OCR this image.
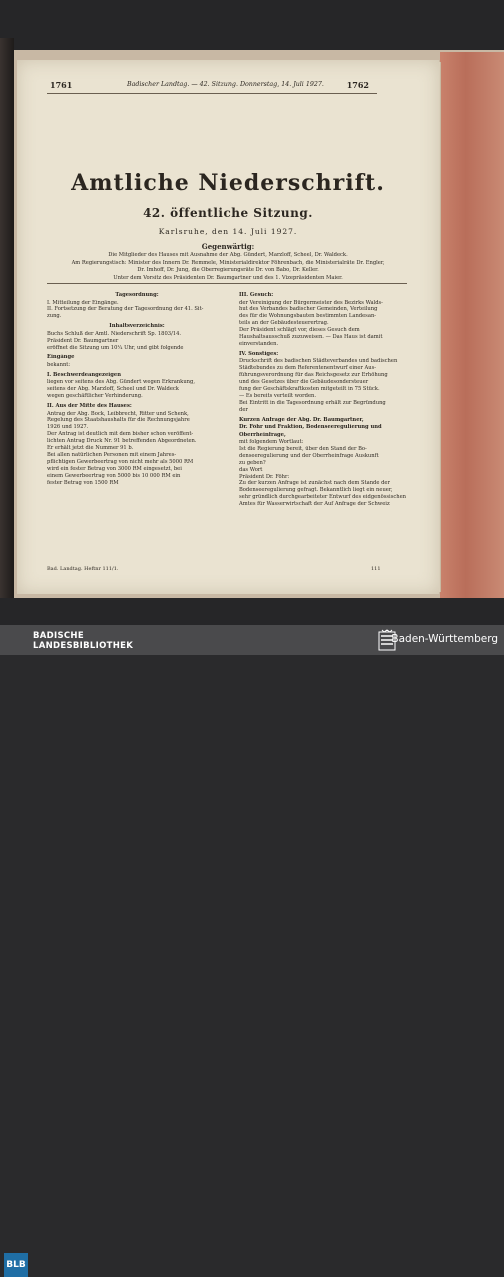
1761	Badischer Landtag. — 42. Sitzung. Donnerstag, 14. Juli 1927.	1762
Amtliche Niederschrift.
42. öffentliche Sitzung.
Karlsruhe, den 14. Juli 1927.
Gegenwärtig:
Bad. Landtag. Heftnr 111/1.	111
Die Mitglieder des Hauses mit Ausnahme der Abg. Gündert, Marzloff, Scheel, Dr. Waldeck.
Am Regierungstisch: Minister des Innern Dr. Remmele, Ministerialdirektor Föhrenbach, die Ministerialräte Dr. Engler,
Dr. Imhoff, Dr. Jung, die Oberregierungsräte Dr. von Babo, Dr. Keller.
Unter dem Vorsitz des Präsidenten Dr. Baumgartner und des 1. Vizepräsidenten Maier.
Tagesordnung:
I. Mitteilung der Eingänge.
II. Fortsetzung der Beratung der Tagesordnung der 41. Sit-
zung.
Inhaltsverzeichnis:
Buchs Schluß der Amtl. Niederschrift Sp. 1803/14.
Präsident Dr. Baumgartner
eröffnet die Sitzung um 10¼ Uhr, und gibt folgende
Eingänge
bekannt:
I. Beschwerdeangezeigen
liegen vor seitens des Abg. Gündert wegen Erkrankung,
seitens der Abg. Marzloff, Scheel und Dr. Waldeck
wegen geschäftlicher Verhinderung.
II. Aus der Mitte des Hauses:
Antrag der Abg. Bock, Leibbrecht, Ritter und Schenk,
Regelung des Staatshaushalts für die Rechnungsjahre
1926 und 1927.
Der Antrag ist deutlich mit dem bisher schon veröffent-
lichten Antrag Druck Nr. 91 betreffenden Abgeordneten.
Er erhält jetzt die Nummer 91 b.
Bei allen natürlichen Personen mit einem Jahres-
pflichtigen Gewerbeertrag von nicht mehr als 5000 RM
wird ein fester Betrag von 3000 RM eingesetzt, bei
einem Gewerbeertrag von 5000 bis 10 000 RM ein
fester Betrag von 1500 RM
III. Gesuch:
der Vereinigung der Bürgermeister des Bezirks Walds-
hut des Verbandes badischer Gemeinden, Verteilung
des für die Wohnungsbauten bestimmten Landesan-
teils an der Gebäudesteuerertrag.
Der Präsident schlägt vor, dieses Gesuch dem
Haushaltsausschuß zuzuweisen. — Das Haus ist damit
einverstanden.
IV. Sonstiges:
Druckschrift des badischen Städteverbandes und badischen
Städtebundes zu dem Referentenentwurf einer Aus-
führungsverordnung für das Reichsgesetz zur Erhöhung
und des Gesetzes über die Gebäudesondersteuer
fung der Geschäftskraftkosten mitgeteilt in 75 Stück.
— Es bereits verteilt worden.
Bei Eintritt in die Tagesordnung erhält zur Begründung
der
Kurzen Anfrage der Abg. Dr. Baumgartner,
Dr. Föhr und Fraktion, Bodenseeregulierung und
Oberrheinfrage,
mit folgendem Wortlaut:
Ist die Regierung bereit, über den Stand der Bo-
denseeregulierung und der Oberrheinfrage Auskunft
zu geben?
das Wort
Präsident Dr. Föhr:
Zu der kurzen Anfrage ist zunächst nach dem Stande der
Bodenseeregulierung gefragt. Bekanntlich liegt ein neuer,
sehr gründlich durchgearbeiteter Entwurf des eidgenössischen
Amtes für Wasserwirtschaft der Auf Anfrage der Schweiz
BLB
BADISCHE
LANDESBIBLIOTHEK
Baden-Württemberg
